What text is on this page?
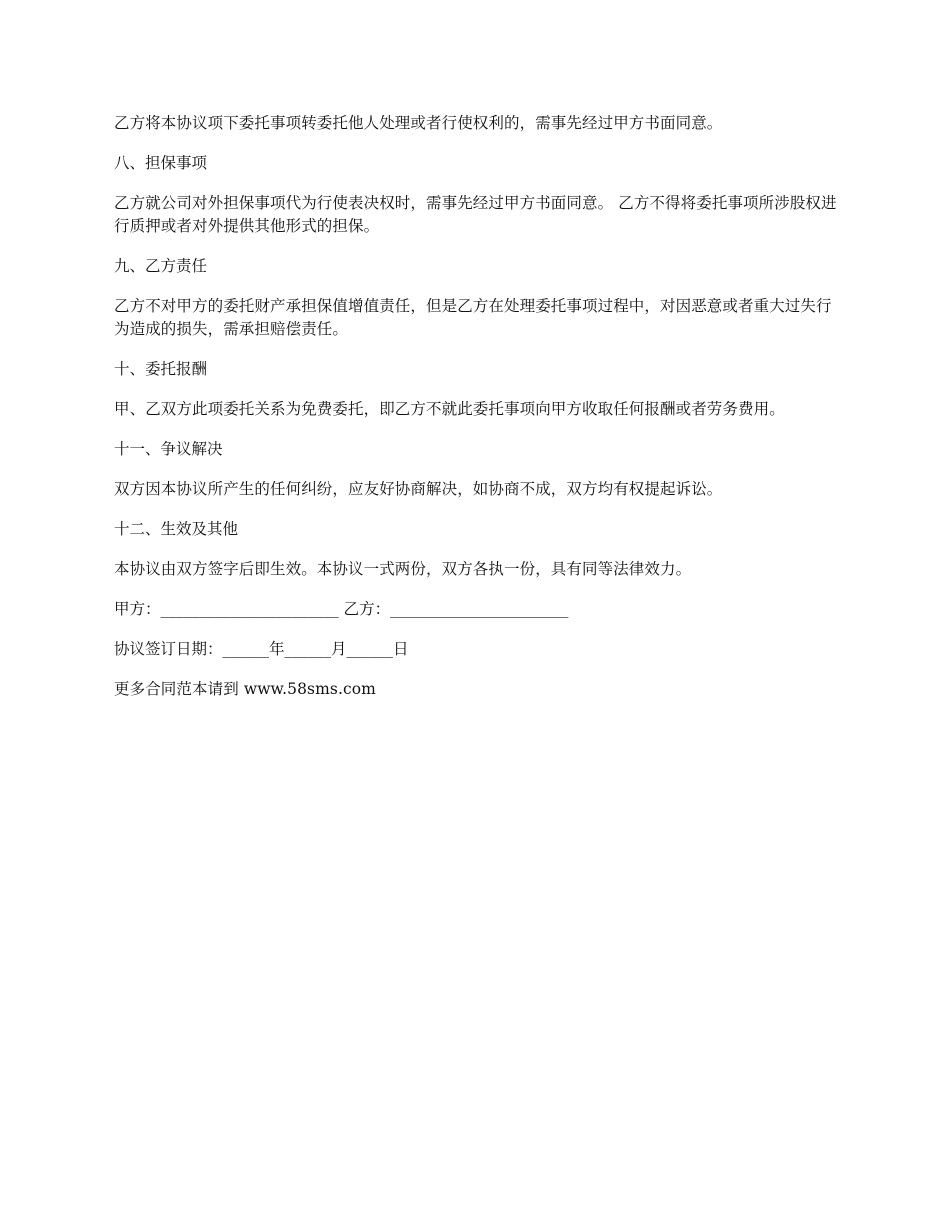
乙方将本协议项下委托事项转委托他人处理或者行使权利的，需事先经过甲方书面同意。

八、担保事项

乙方就公司对外担保事项代为行使表决权时，需事先经过甲方书面同意。 乙方不得将委托事项所涉股权进行质押或者对外提供其他形式的担保。

九、乙方责任

乙方不对甲方的委托财产承担保值增值责任，但是乙方在处理委托事项过程中，对因恶意或者重大过失行为造成的损失，需承担赔偿责任。

十、委托报酬

甲、乙双方此项委托关系为免费委托，即乙方不就此委托事项向甲方收取任何报酬或者劳务费用。

十一、争议解决

双方因本协议所产生的任何纠纷，应友好协商解决，如协商不成，双方均有权提起诉讼。

十二、生效及其他

本协议由双方签字后即生效。本协议一式两份，双方各执一份，具有同等法律效力。

甲方：_______________________ 乙方：_______________________

协议签订日期：______年______月______日

更多合同范本请到 www.58sms.com
